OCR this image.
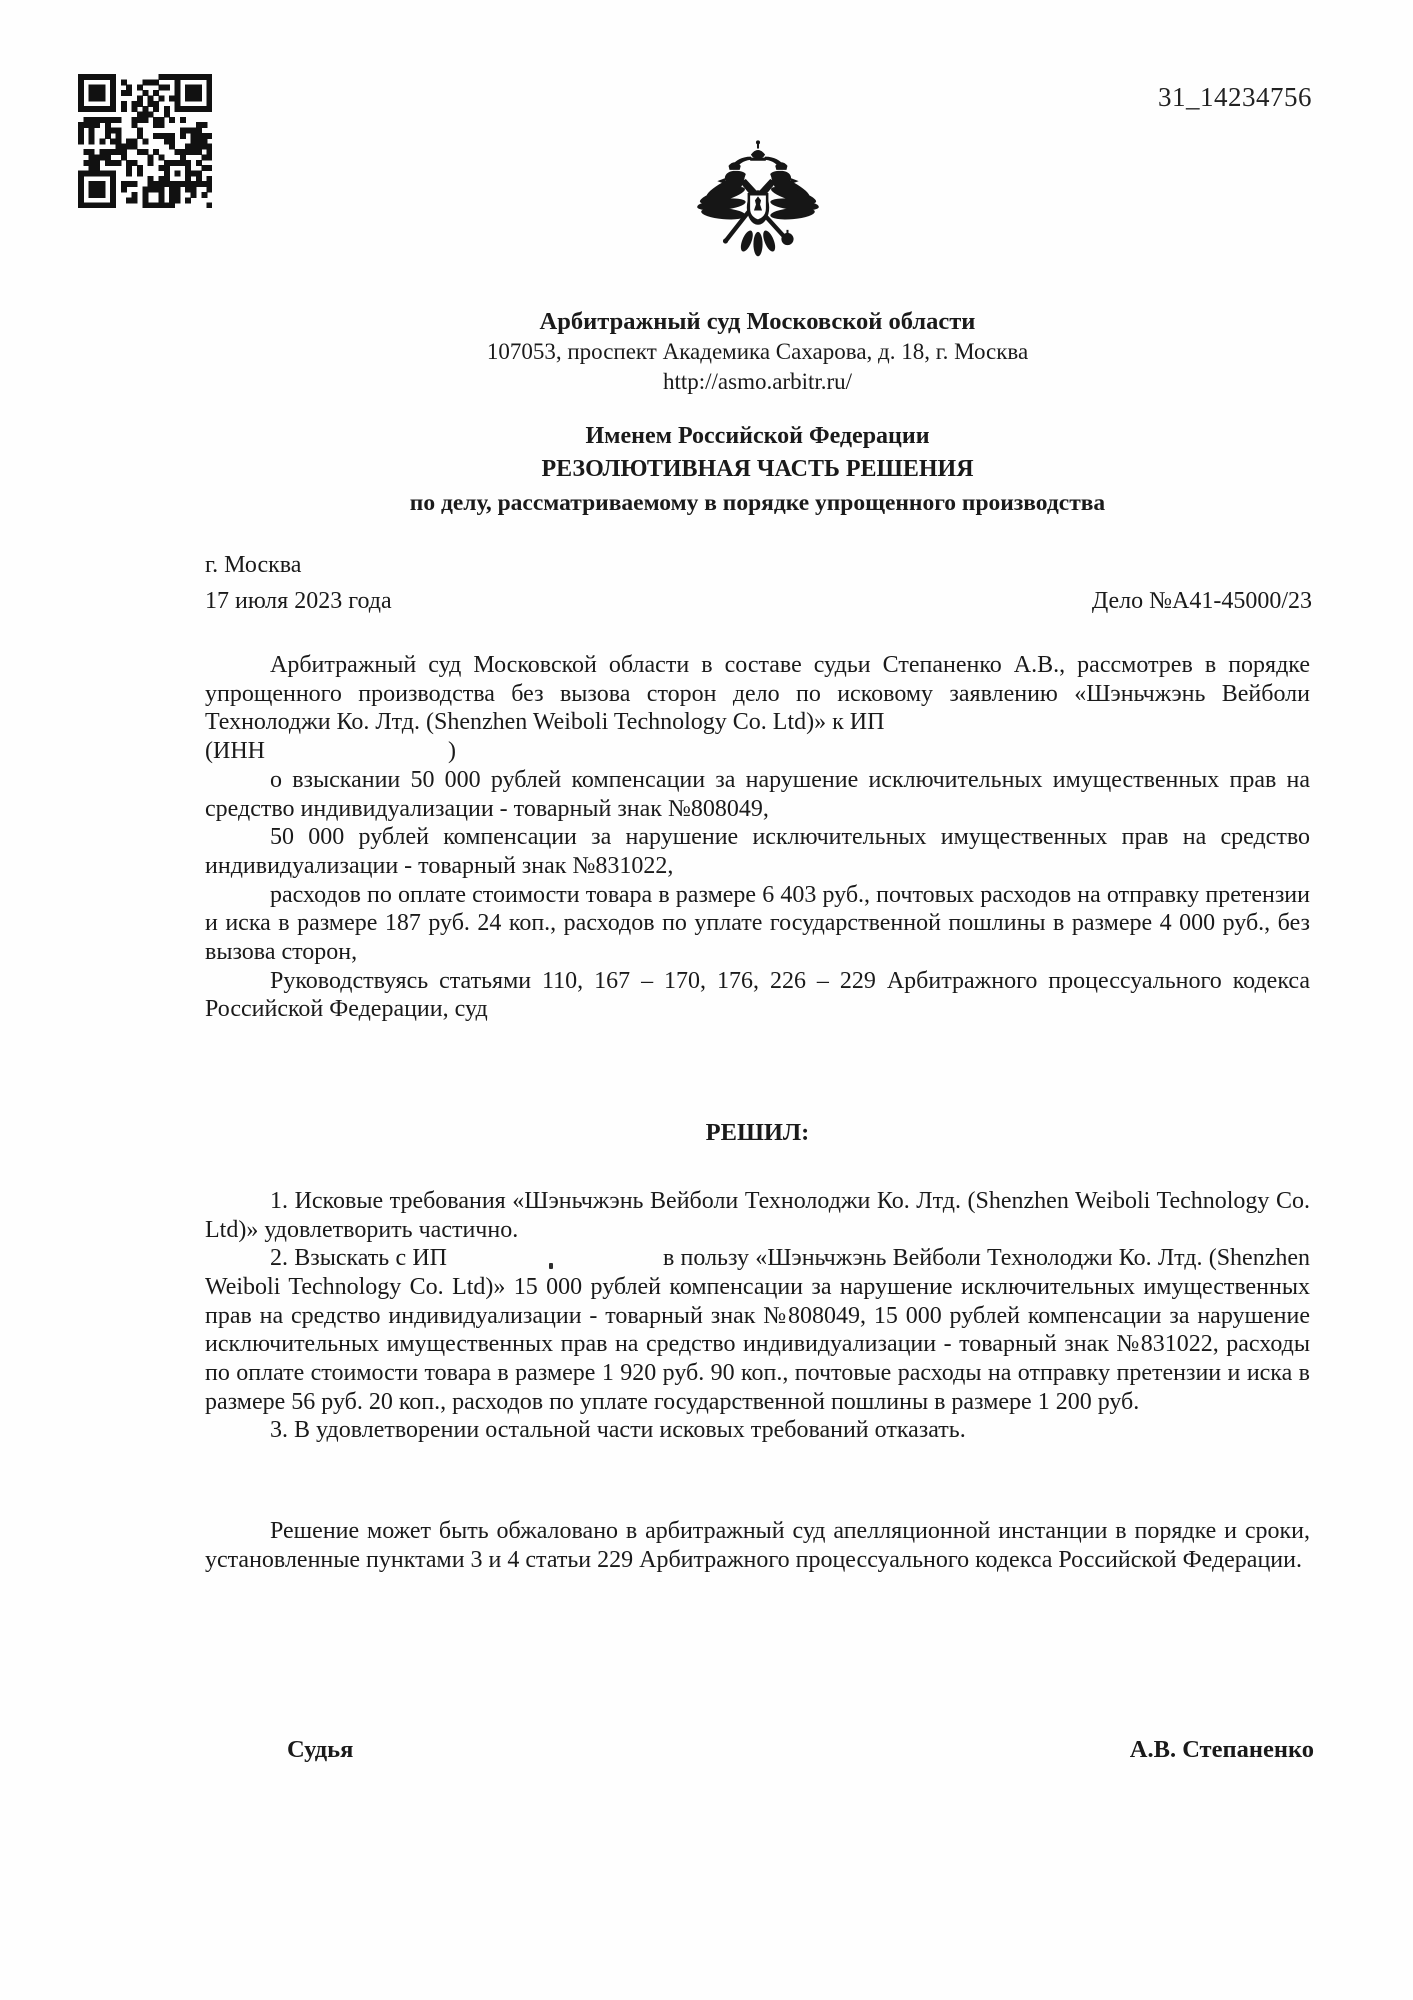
31_14234756
Арбитражный суд Московской области
107053, проспект Академика Сахарова, д. 18, г. Москва
http://asmo.arbitr.ru/
Именем Российской Федерации
РЕЗОЛЮТИВНАЯ ЧАСТЬ РЕШЕНИЯ
по делу, рассматриваемому в порядке упрощенного производства
г. Москва
17 июля 2023 года	Дело №А41-45000/23

Арбитражный суд Московской области в составе судьи Степаненко А.В., рассмотрев в порядке упрощенного производства без вызова сторон дело по исковому заявлению «Шэньчжэнь Вейболи Технолоджи Ко. Лтд. (Shenzhen Weiboli Technology Co. Ltd)» к ИП

(ИНН	)

о взыскании 50 000 рублей компенсации за нарушение исключительных имущественных прав на средство индивидуализации - товарный знак №808049,

50 000 рублей компенсации за нарушение исключительных имущественных прав на средство индивидуализации - товарный знак №831022,

расходов по оплате стоимости товара в размере 6 403 руб., почтовых расходов на отправку претензии и иска в размере 187 руб. 24 коп., расходов по уплате государственной пошлины в размере 4 000 руб., без вызова сторон,

Руководствуясь статьями 110, 167 – 170, 176, 226 – 229 Арбитражного процессуального кодекса Российской Федерации, суд

РЕШИЛ:

1. Исковые требования «Шэньчжэнь Вейболи Технолоджи Ко. Лтд. (Shenzhen Weiboli Technology Co. Ltd)» удовлетворить частично.

2. Взыскать с ИП	в пользу «Шэньчжэнь Вейболи Технолоджи Ко. Лтд. (Shenzhen Weiboli Technology Co. Ltd)» 15 000 рублей компенсации за нарушение исключительных имущественных прав на средство индивидуализации - товарный знак №808049, 15 000 рублей компенсации за нарушение исключительных имущественных прав на средство индивидуализации - товарный знак №831022, расходы по оплате стоимости товара в размере 1 920 руб. 90 коп., почтовые расходы на отправку претензии и иска в размере 56 руб. 20 коп., расходов по уплате государственной пошлины в размере 1 200 руб.

3. В удовлетворении остальной части исковых требований отказать.

Решение может быть обжаловано в арбитражный суд апелляционной инстанции в порядке и сроки, установленные пунктами 3 и 4 статьи 229 Арбитражного процессуального кодекса Российской Федерации.

Судья	А.В. Степаненко
